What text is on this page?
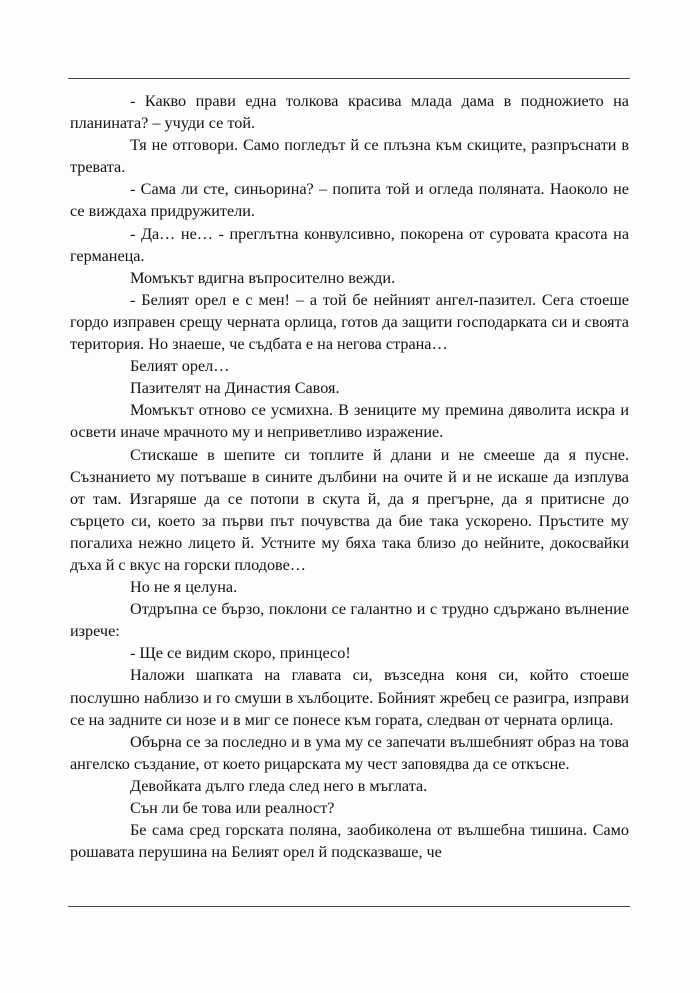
- Какво прави една толкова красива млада дама в подножието на планината? – учуди се той.

Тя не отговори. Само погледът й се плъзна към скиците, разпръснати в тревата.

- Сама ли сте, синьорина? – попита той и огледа поляната. Наоколо не се виждаха придружители.

- Да… не… - преглътна конвулсивно, покорена от суровата красота на германеца.

Момъкът вдигна въпросително вежди.

- Белият орел е с мен! – а той бе нейният ангел-пазител. Сега стоеше гордо изправен срещу черната орлица, готов да защити господарката си и своята територия. Но знаеше, че съдбата е на негова страна…

Белият орел…

Пазителят на Династия Савоя.

Момъкът отново се усмихна. В зениците му премина дяволита искра и освети иначе мрачното му и неприветливо изражение.

Стискаше в шепите си топлите й длани и не смееше да я пусне. Съзнанието му потъваше в сините дълбини на очите й и не искаше да изплува от там. Изгаряше да се потопи в скута й, да я прегърне, да я притисне до сърцето си, което за първи път почувства да бие така ускорено. Пръстите му погалиха нежно лицето й. Устните му бяха така близо до нейните, докосвайки дъха й с вкус на горски плодове…

Но не я целуна.

Отдръпна се бързо, поклони се галантно и с трудно сдържано вълнение изрече:

- Ще се видим скоро, принцесо!

Наложи шапката на главата си, възседна коня си, който стоеше послушно наблизо и го смуши в хълбоците. Бойният жребец се разигра, изправи се на задните си нозе и в миг се понесе към гората, следван от черната орлица.

Обърна се за последно и в ума му се запечати вълшебният образ на това ангелско създание, от което рицарската му чест заповядва да се откъсне.

Девойката дълго гледа след него в мъглата.

Сън ли бе това или реалност?

Бе сама сред горската поляна, заобиколена от вълшебна тишина. Само рошавата перушина на Белият орел й подсказваше, че
